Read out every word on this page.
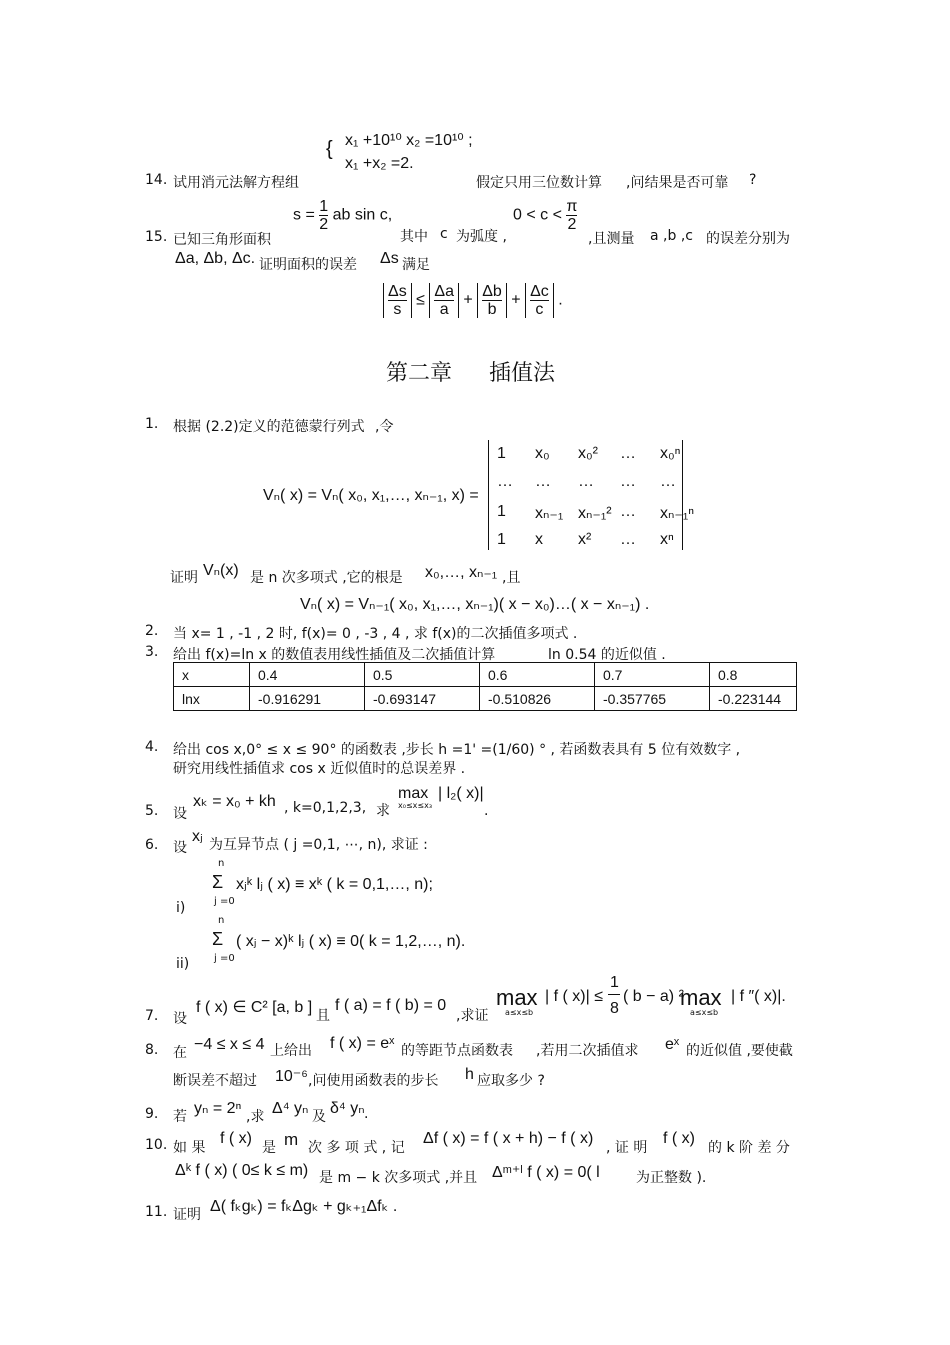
{ x₁ +10¹⁰ x₂ =10¹⁰ ;
x₁ +x₂ =2.
14. 试用消元法解方程组	假定只用三位数计算 ,问结果是否可靠 ?
15. 已知三角形面积
$s = \frac{1}{2}$ ab sin c,
其中 c 为弧度 ,
$0 < c < \frac{\pi}{2}$
,且测量 a ,b ,c 的误差分别为
Δa, Δb, Δc. 证明面积的误差 Δs 满足
$\frac{\Delta s}{s} \le \frac{\Delta a}{a} + \frac{\Delta b}{b} + \frac{\Delta c}{c}$ .
第二章 插值法
1. 根据 (2.2)定义的范德蒙行列式 ,令
Vₙ( x) = Vₙ( x₀, x₁,…, xₙ₋₁, x) =
1 x₀ x₀² … x₀ⁿ
… … … … …
1 xₙ₋₁ xₙ₋₁² … xₙ₋₁ⁿ
1 x x² … xⁿ
证明 Vₙ(x) 是 n 次多项式 ,它的根是 x₀,…, xₙ₋₁ ,且
Vₙ( x) = Vₙ₋₁( x₀, x₁,…, xₙ₋₁)( x − x₀)…( x − xₙ₋₁) .
2. 当 x= 1 , -1 , 2 时, f(x)= 0 , -3 , 4 , 求 f(x)的二次插值多项式 .
3. 给出 f(x)=ln x 的数值表用线性插值及二次插值计算	ln 0.54 的近似值 .
x	0.4	0.5	0.6	0.7	0.8
lnx	-0.916291	-0.693147	-0.510826	-0.357765	-0.223144
4. 给出 cos x,0° ≤ x ≤ 90° 的函数表 ,步长 h =1' =(1/60) ° , 若函数表具有 5 位有效数字 ,
研究用线性插值求 cos x 近似值时的总误差界 .
5. 设
xₖ = x₀ + kh , k=0,1,2,3, 求
max
x₀≤x≤x₃
| l₂( x)|
.
6. 设
xⱼ 为互异节点 ( j =0,1, ⋯, n), 求证 :
n
Σ
j =0
xⱼᵏ lⱼ ( x) ≡ xᵏ ( k = 0,1,…, n);
i)
n
Σ
j =0
( xⱼ − x)ᵏ lⱼ ( x) ≡ 0( k = 1,2,…, n).
ii)
7. 设
f ( x) ∈ C² [a, b ] 且
f ( a) = f ( b) = 0
,求证
max
a≤x≤b
| f ( x)| ≤
1
8
( b − a) ²
max
a≤x≤b
| f ″( x)|.
8. 在 −4 ≤ x ≤ 4 上给出 f ( x) = eˣ 的等距节点函数表 ,若用二次插值求 eˣ 的近似值 ,要使截
断误差不超过 10⁻⁶ ,问使用函数表的步长 h 应取多少 ?
9. 若 yₙ = 2ⁿ ,求 Δ⁴ yₙ 及 δ⁴ yₙ .
10. 如 果
f ( x)
是 m 次 多 项 式 , 记
Δf ( x) = f ( x + h) − f ( x)
, 证 明
f ( x)
的 k 阶 差 分
Δᵏ f ( x) ( 0≤ k ≤ m) 是 m − k 次多项式 ,并且 Δᵐ⁺ˡ f ( x) = 0( l	为正整数 ).
11. 证明 Δ( fₖgₖ) = fₖΔgₖ + gₖ₊₁Δfₖ .
